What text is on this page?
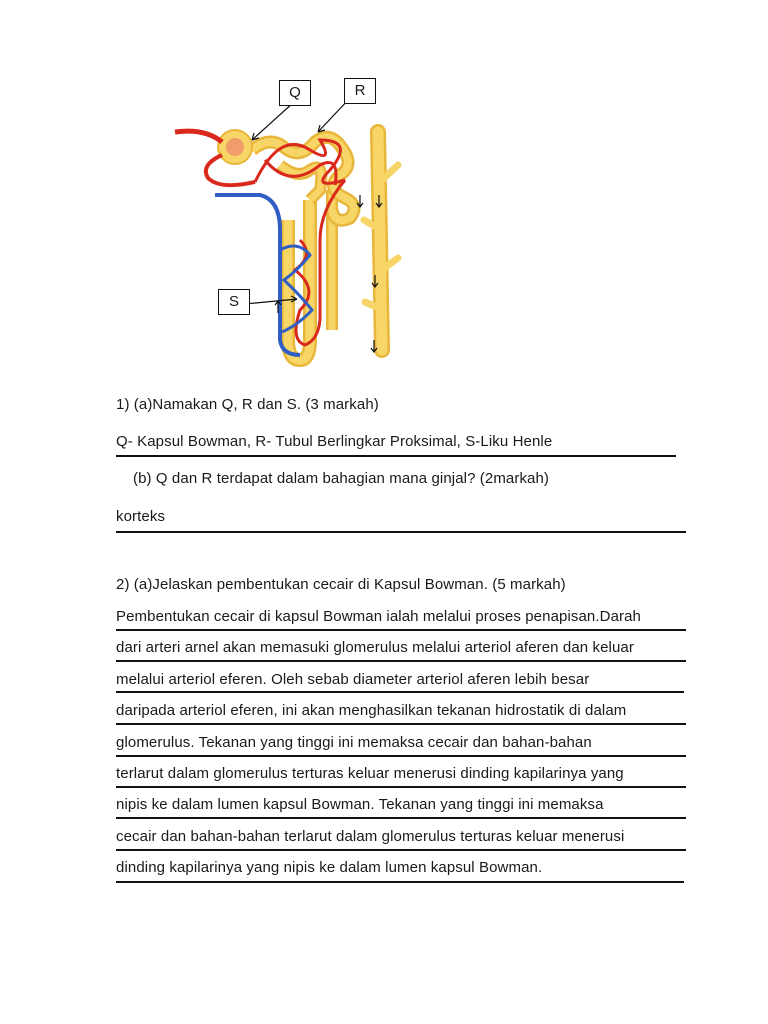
Q	R
S
1) (a)Namakan Q, R dan S. (3 markah)
Q- Kapsul Bowman, R- Tubul Berlingkar Proksimal, S-Liku Henle
(b) Q dan R terdapat dalam bahagian mana ginjal? (2markah)
korteks
2) (a)Jelaskan pembentukan cecair di Kapsul Bowman. (5 markah)
Pembentukan cecair di kapsul Bowman ialah melalui proses penapisan.Darah
dari arteri arnel akan memasuki glomerulus melalui arteriol aferen dan keluar
melalui arteriol eferen. Oleh sebab diameter arteriol aferen lebih besar
daripada arteriol eferen, ini akan menghasilkan tekanan hidrostatik di dalam
glomerulus. Tekanan yang tinggi ini memaksa cecair dan bahan-bahan
terlarut dalam glomerulus terturas keluar menerusi dinding kapilarinya yang
nipis ke dalam lumen kapsul Bowman. Tekanan yang tinggi ini memaksa
cecair dan bahan-bahan terlarut dalam glomerulus terturas keluar menerusi
dinding kapilarinya yang nipis ke dalam lumen kapsul Bowman.
